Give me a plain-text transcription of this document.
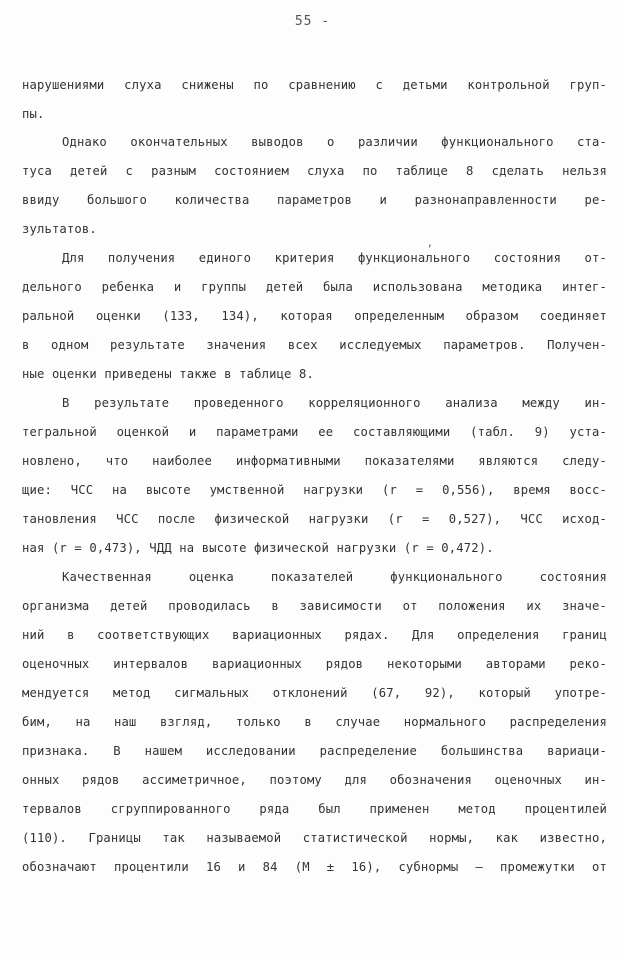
55 -
,
нарушениями слуха снижены по сравнению с детьми контрольной груп-
пы.
Однако окончательных выводов о различии функционального ста-
туса детей с разным состоянием слуха по таблице 8 сделать нельзя
ввиду большого количества параметров и разнонаправленности ре-
зультатов.
Для получения единого критерия функционального состояния от-
дельного ребенка и группы детей была использована методика интег-
ральной оценки (133, 134), которая определенным образом соединяет
в одном результате значения всех исследуемых параметров. Получен-
ные оценки приведены также в таблице 8.
В результате проведенного корреляционного анализа между ин-
тегральной оценкой и параметрами ее составляющими (табл. 9) уста-
новлено, что наиболее информативными показателями являются следу-
щие: ЧСС на высоте умственной нагрузки (r = 0,556), время восс-
тановления ЧСС после физической нагрузки (r = 0,527), ЧСС исход-
ная (r = 0,473), ЧДД на высоте физической нагрузки (r = 0,472).
Качественная оценка показателей функционального состояния
организма детей проводилась в зависимости от положения их значе-
ний в соответствующих вариационных рядах. Для определения границ
оценочных интервалов вариационных рядов некоторыми авторами реко-
мендуется метод сигмальных отклонений (67, 92), который употре-
бим, на наш взгляд, только в случае нормального распределения
признака. В нашем исследовании распределение большинства вариаци-
онных рядов ассиметричное, поэтому для обозначения оценочных ин-
тервалов сгруппированного ряда был применен метод процентилей
(110). Границы так называемой статистической нормы, как известно,
обозначают процентили 16 и 84 (M ± 16), субнормы — промежутки от
